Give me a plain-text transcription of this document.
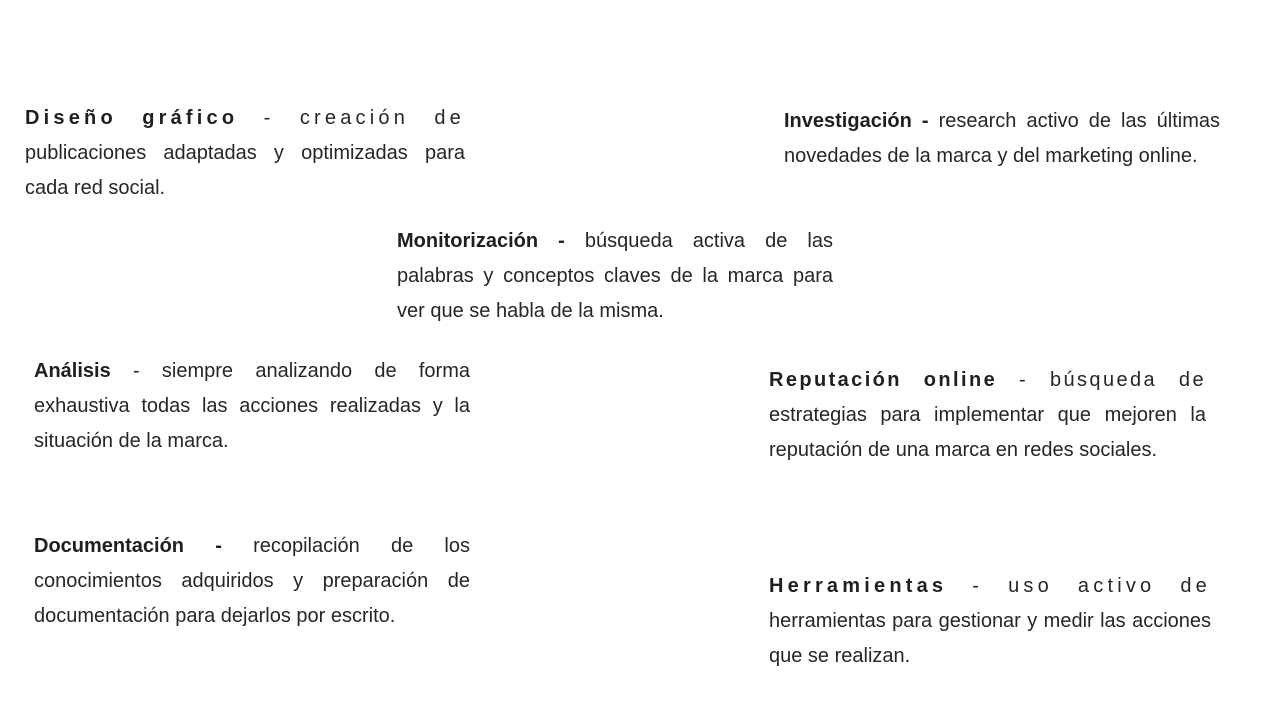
Diseño gráfico - creación de publicaciones adaptadas y optimizadas para cada red social.

Investigación - research activo de las últimas novedades de la marca y del marketing online.

Monitorización - búsqueda activa de las palabras y conceptos claves de la marca para ver que se habla de la misma.

Análisis - siempre analizando de forma exhaustiva todas las acciones realizadas y la situación de la marca.

Reputación online - búsqueda de estrategias para implementar que mejoren la reputación de una marca en redes sociales.

Documentación - recopilación de los conocimientos adquiridos y preparación de documentación para dejarlos por escrito.

Herramientas - uso activo de herramientas para gestionar y medir las acciones que se realizan.
